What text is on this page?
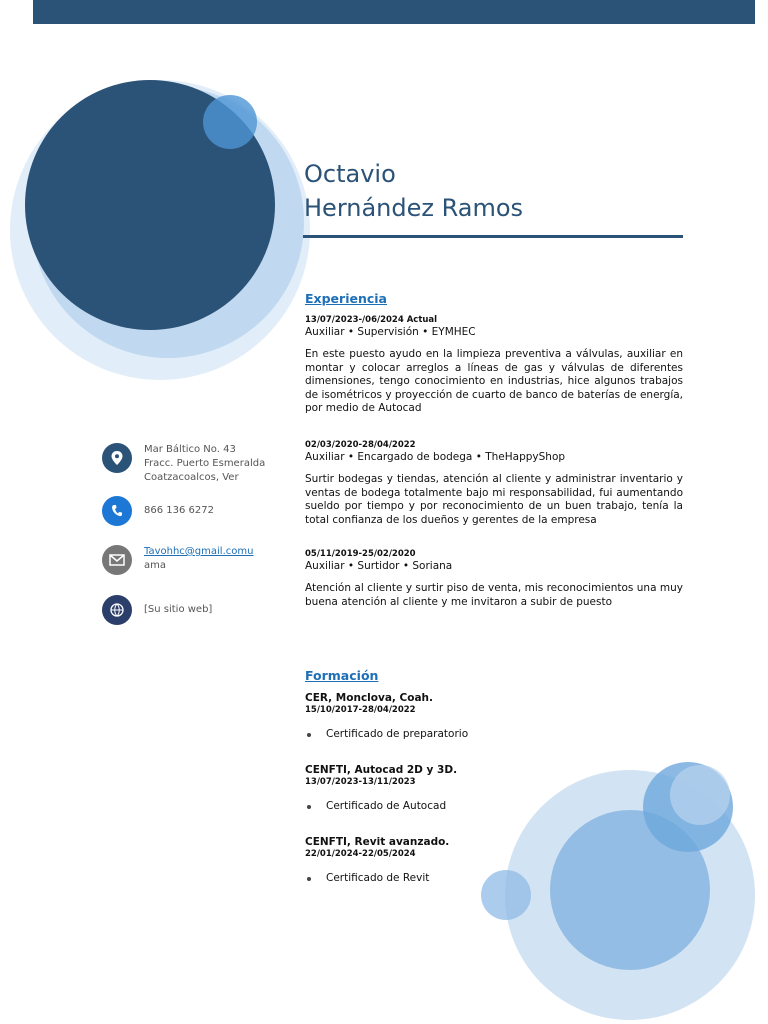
Octavio
Hernández Ramos
Mar Báltico No. 43
Fracc. Puerto Esmeralda
Coatzacoalcos, Ver
866 136 6272
Tavohhc@gmail.comu
ama
[Su sitio web]
Experiencia
13/07/2023-/06/2024 Actual
Auxiliar • Supervisión • EYMHEC
En este puesto ayudo en la limpieza preventiva a válvulas, auxiliar en montar y colocar arreglos a líneas de gas y válvulas de diferentes dimensiones, tengo conocimiento en industrias, hice algunos trabajos de isométricos y proyección de cuarto de banco de baterías de energía, por medio de Autocad
02/03/2020-28/04/2022
Auxiliar • Encargado de bodega • TheHappyShop
Surtir bodegas y tiendas, atención al cliente y administrar inventario y ventas de bodega totalmente bajo mi responsabilidad, fui aumentando sueldo por tiempo y por reconocimiento de un buen trabajo, tenía la total confianza de los dueños y gerentes de la empresa
05/11/2019-25/02/2020
Auxiliar • Surtidor • Soriana
Atención al cliente y surtir piso de venta, mis reconocimientos una muy buena atención al cliente y me invitaron a subir de puesto
Formación
CER, Monclova, Coah.
15/10/2017-28/04/2022
Certificado de preparatorio
CENFTI, Autocad 2D y 3D.
13/07/2023-13/11/2023
Certificado de Autocad
CENFTI, Revit avanzado.
22/01/2024-22/05/2024
Certificado de Revit
